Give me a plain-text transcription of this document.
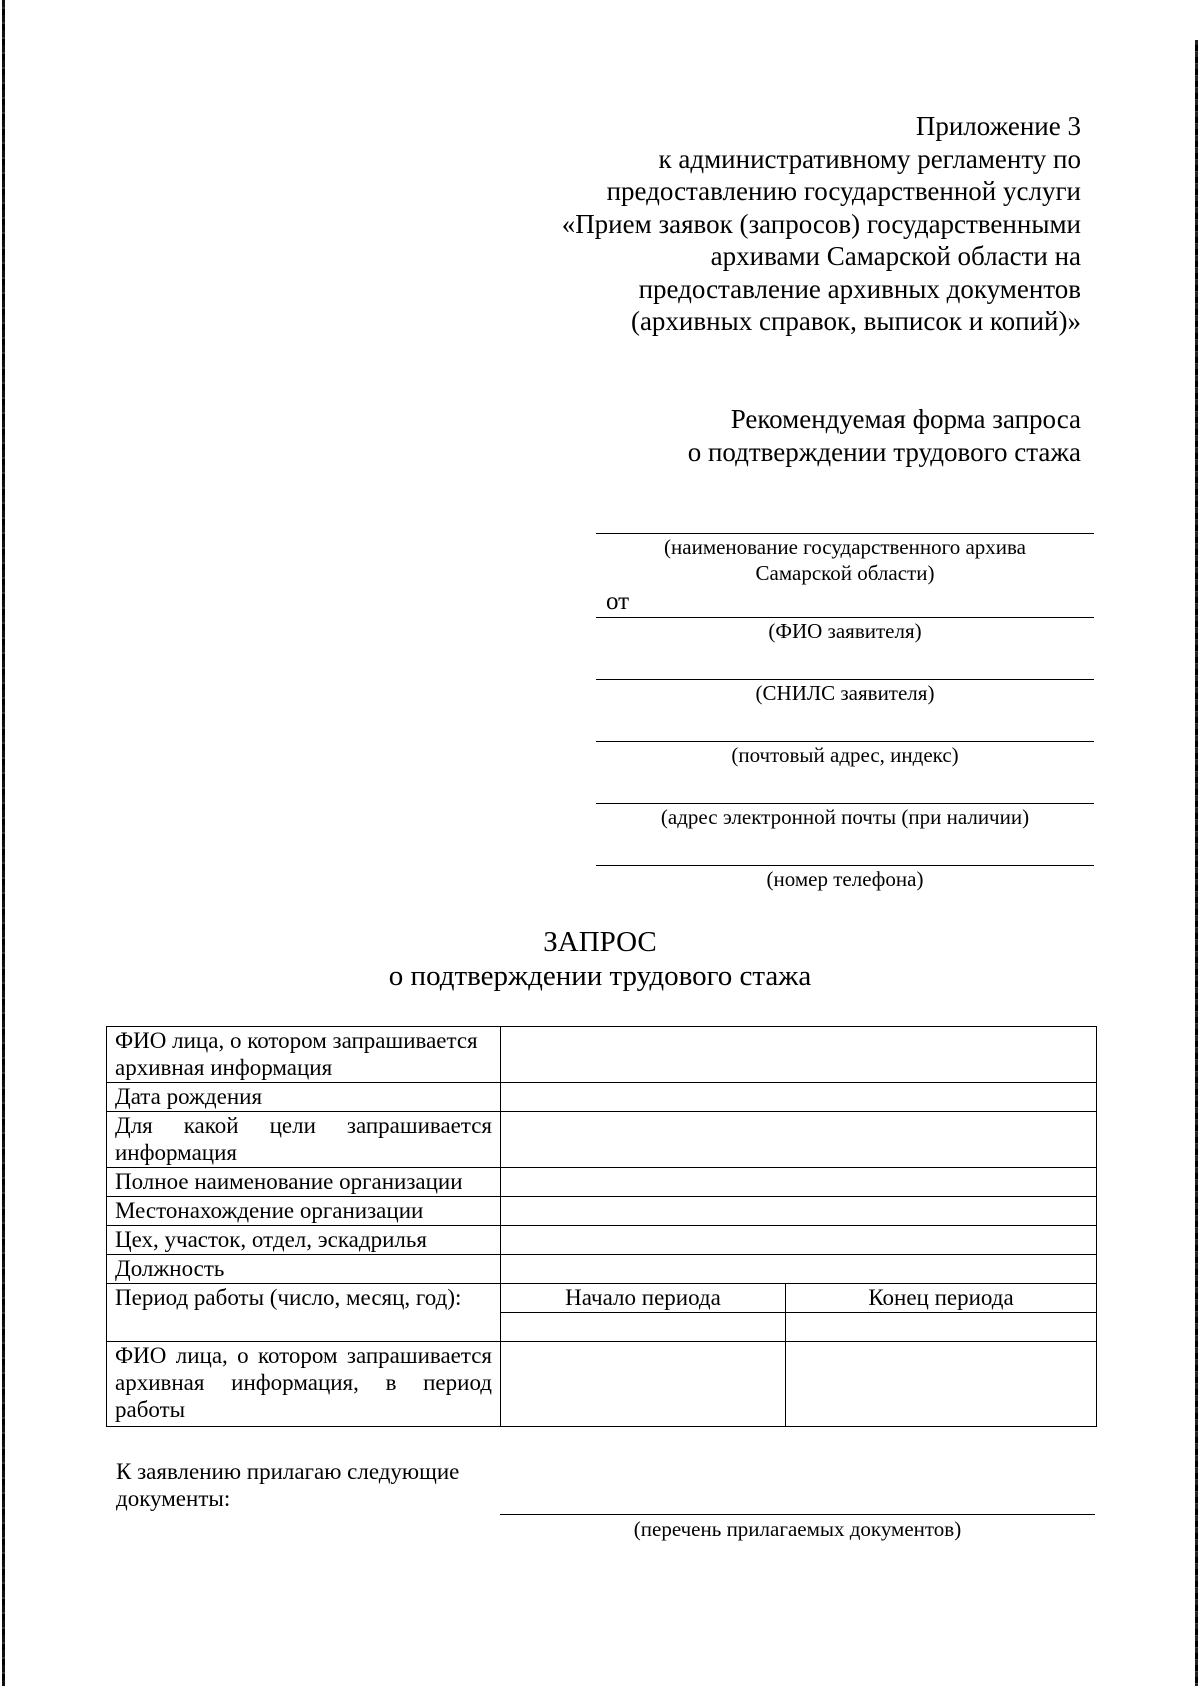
Приложение 3
к административному регламенту по
предоставлению государственной услуги
«Прием заявок (запросов) государственными
архивами Самарской области на
предоставление архивных документов
(архивных справок, выписок и копий)»
Рекомендуемая форма запроса
о подтверждении трудового стажа
(наименование государственного архива
Самарской области)
от
(ФИО заявителя)
(СНИЛС заявителя)
(почтовый адрес, индекс)
(адрес электронной почты (при наличии)
(номер телефона)
ЗАПРОС
о подтверждении трудового стажа
ФИО лица, о котором запрашивается архивная информация		
Дата рождения		
Для какой цели запрашивается информация		
Полное наименование организации		
Местонахождение организации		
Цех, участок, отдел, эскадрилья		
Должность		
Период работы (число, месяц, год):	Начало периода	Конец периода

ФИО лица, о котором запрашивается архивная информация, в период работы		
К заявлению прилагаю следующие документы:
(перечень прилагаемых документов)
